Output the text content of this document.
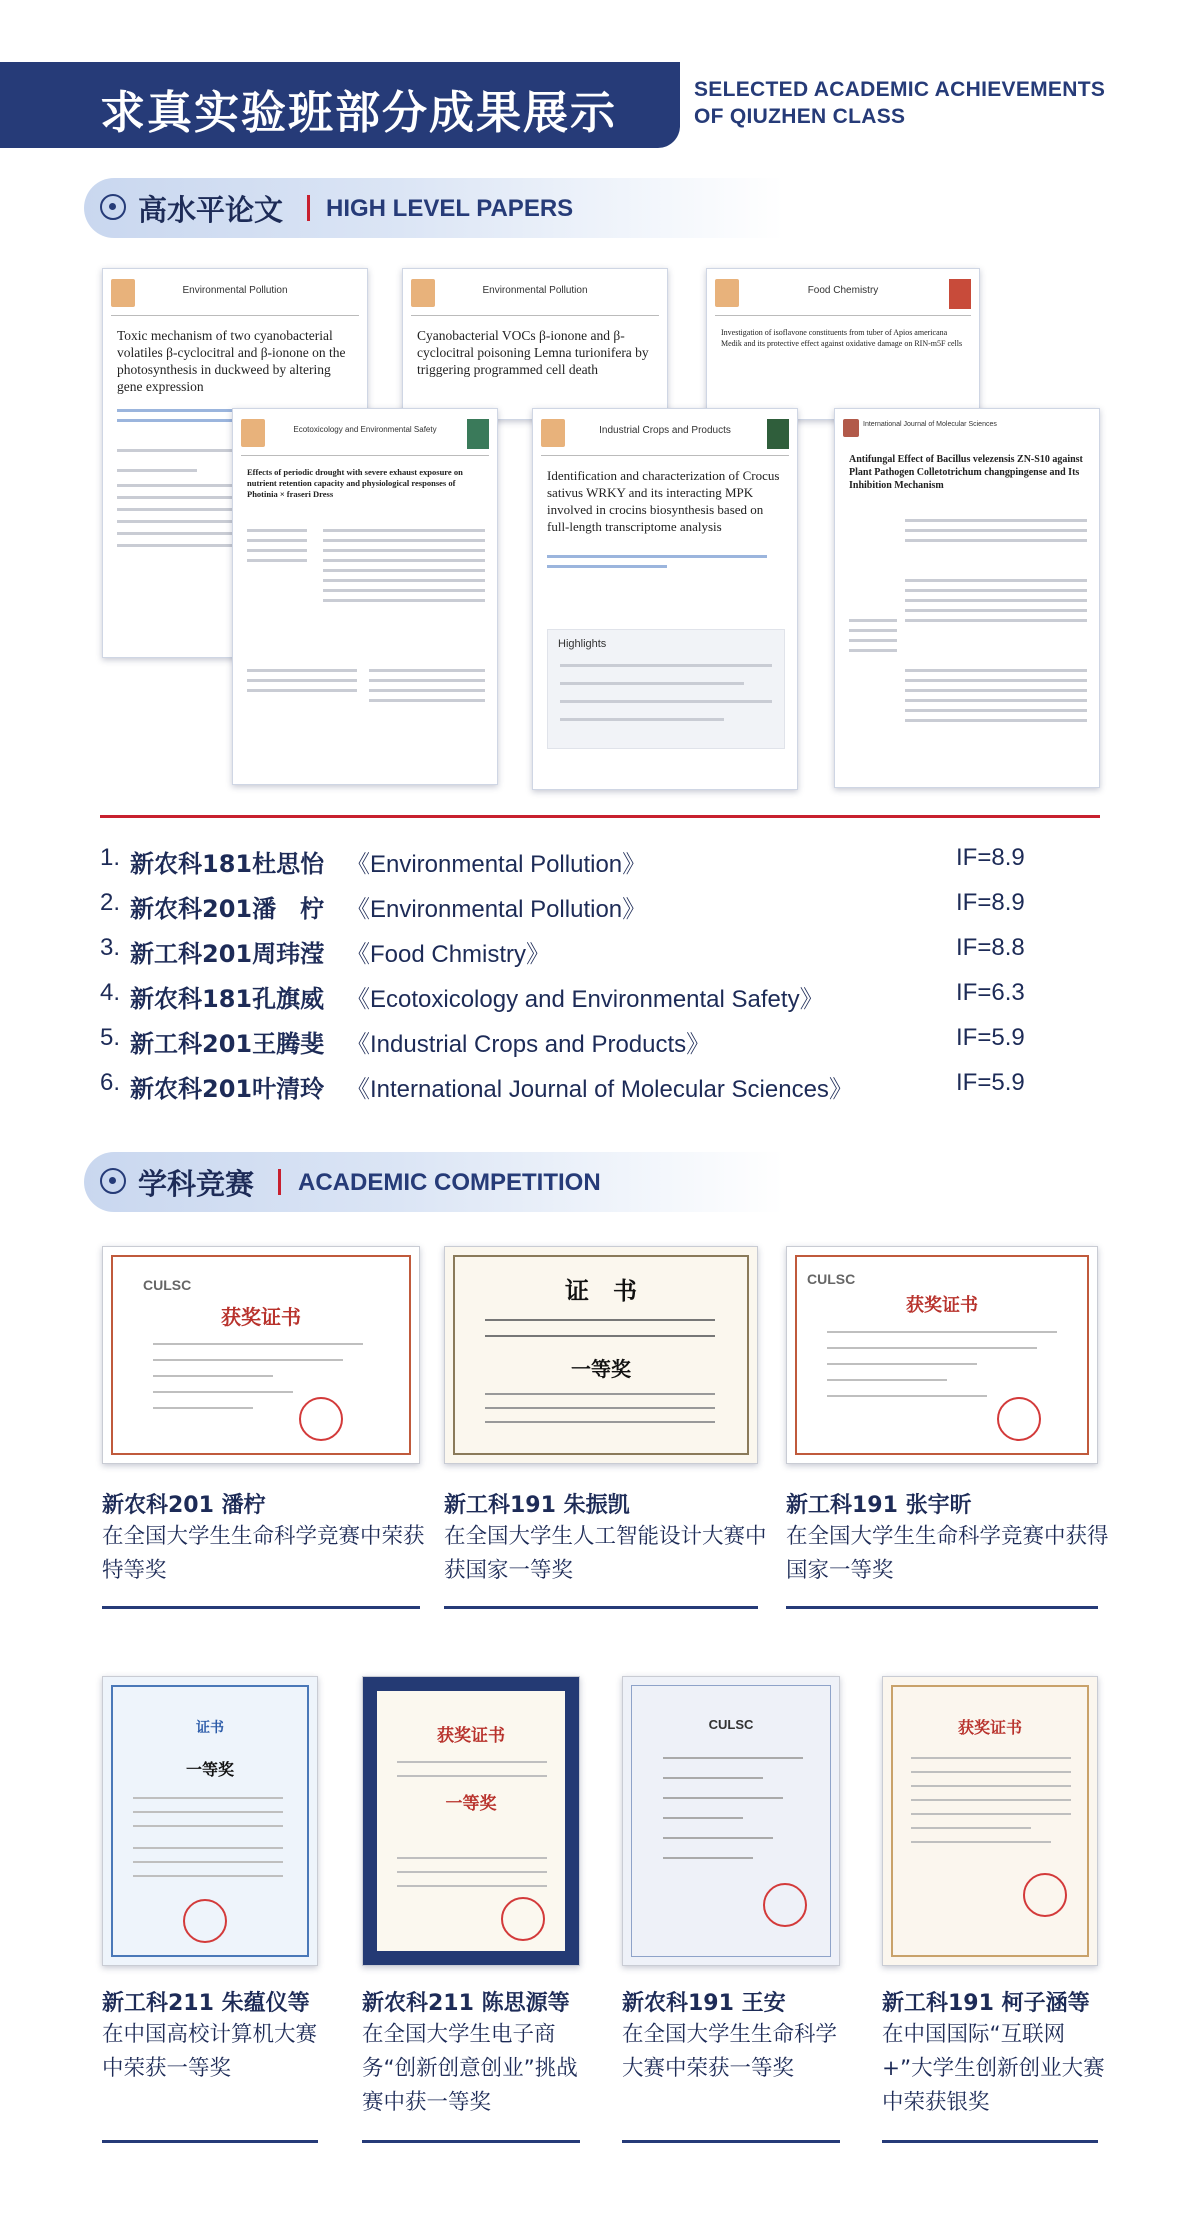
求真实验班部分成果展示	SELECTED ACADEMIC ACHIEVEMENTS
OF QIUZHEN CLASS
高水平论文 HIGH LEVEL PAPERS
Environmental Pollution
Toxic mechanism of two cyanobacterial volatiles β-cyclocitral and β-ionone on the photosynthesis in duckweed by altering gene expression
Environmental Pollution
Cyanobacterial VOCs β-ionone and β-cyclocitral poisoning Lemna turionifera by triggering programmed cell death
Food Chemistry
Investigation of isoflavone constituents from tuber of Apios americana Medik and its protective effect against oxidative damage on RIN-m5F cells
Ecotoxicology and Environmental Safety
Effects of periodic drought with severe exhaust exposure on nutrient retention capacity and physiological responses of Photinia × fraseri Dress
Industrial Crops and Products
Identification and characterization of Crocus sativus WRKY and its interacting MPK involved in crocins biosynthesis based on full-length transcriptome analysis
Highlights
International Journal of Molecular Sciences
Antifungal Effect of Bacillus velezensis ZN-S10 against Plant Pathogen Colletotrichum changpingense and Its Inhibition Mechanism
1. 新农科181杜思怡 《Environmental Pollution》	IF=8.9
2. 新农科201潘　柠 《Environmental Pollution》	IF=8.9
3. 新工科201周玮滢 《Food Chmistry》	IF=8.8
4. 新农科181孔旗威 《Ecotoxicology and Environmental Safety》	IF=6.3
5. 新工科201王腾斐 《Industrial Crops and Products》	IF=5.9
6. 新农科201叶清玲 《International Journal of Molecular Sciences》	IF=5.9
学科竞赛 ACADEMIC COMPETITION
CULSC
获奖证书
新农科201 潘柠
在全国大学生生命科学竞赛中荣获特等奖
证　书
一等奖
新工科191 朱振凯
在全国大学生人工智能设计大赛中获国家一等奖
CULSC
获奖证书
新工科191 张宇昕
在全国大学生生命科学竞赛中获得国家一等奖
证书
一等奖
新工科211 朱蕴仪等
在中国高校计算机大赛中荣获一等奖
获奖证书
一等奖
新农科211 陈思源等
在全国大学生电子商务“创新创意创业”挑战赛中获一等奖
CULSC
新农科191 王安
在全国大学生生命科学大赛中荣获一等奖
获奖证书
新工科191 柯子涵等
在中国国际“互联网+”大学生创新创业大赛中荣获银奖
